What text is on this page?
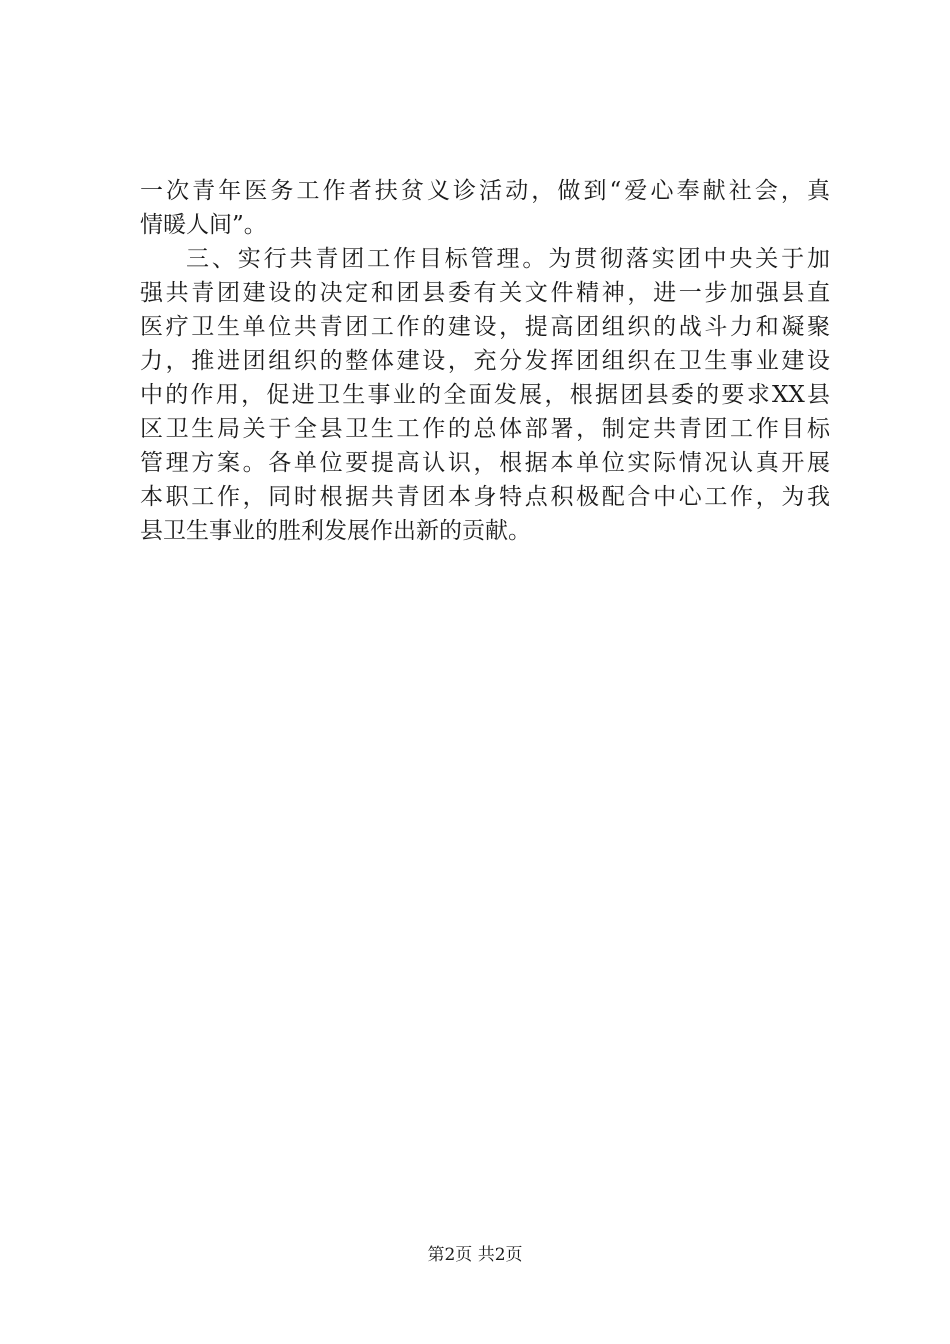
一次青年医务工作者扶贫义诊活动，做到“爱心奉献社会，真
情暖人间”。
三、实行共青团工作目标管理。为贯彻落实团中央关于加
强共青团建设的决定和团县委有关文件精神，进一步加强县直
医疗卫生单位共青团工作的建设，提高团组织的战斗力和凝聚
力，推进团组织的整体建设，充分发挥团组织在卫生事业建设
中的作用，促进卫生事业的全面发展，根据团县委的要求XX县
区卫生局关于全县卫生工作的总体部署，制定共青团工作目标
管理方案。各单位要提高认识，根据本单位实际情况认真开展
本职工作，同时根据共青团本身特点积极配合中心工作，为我
县卫生事业的胜利发展作出新的贡献。
第2页 共2页
